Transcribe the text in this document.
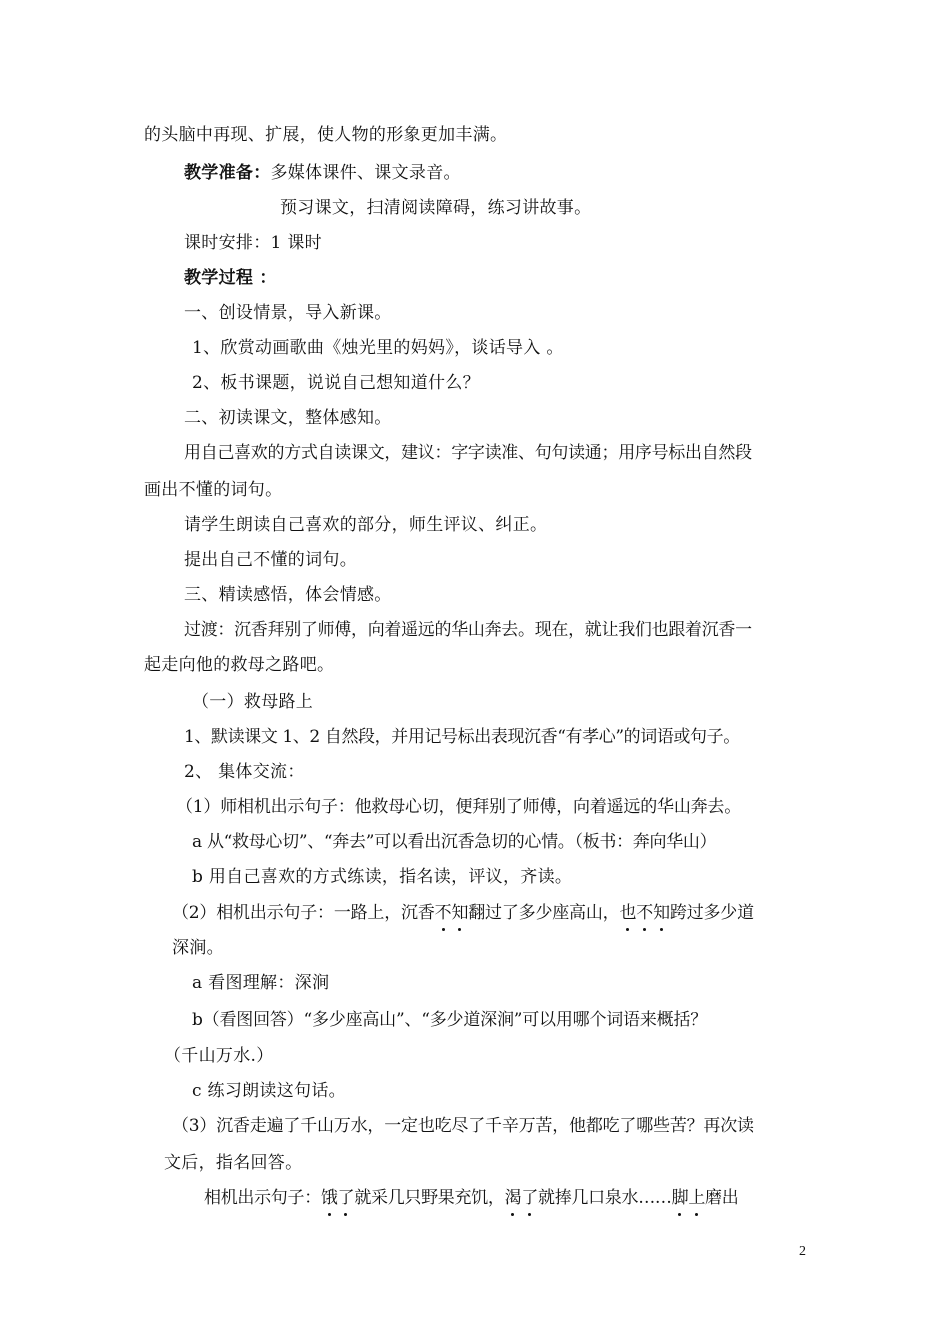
的头脑中再现、扩展，使人物的形象更加丰满。
教学准备：多媒体课件、课文录音。
预习课文，扫清阅读障碍，练习讲故事。
课时安排：1 课时
教学过程 ：
一、创设情景，导入新课。
1、欣赏动画歌曲《烛光里的妈妈》，谈话导入 。
2、板书课题，说说自己想知道什么？
二、初读课文，整体感知。
用自己喜欢的方式自读课文，建议：字字读准、句句读通；用序号标出自然段
画出不懂的词句。
请学生朗读自己喜欢的部分，师生评议、纠正。
提出自己不懂的词句。
三、精读感悟，体会情感。
过渡：沉香拜别了师傅，向着遥远的华山奔去。现在，就让我们也跟着沉香一
起走向他的救母之路吧。
（一）救母路上
1、默读课文 1、2 自然段，并用记号标出表现沉香“有孝心”的词语或句子。
2、 集体交流：
（1）师相机出示句子：他救母心切，便拜别了师傅，向着遥远的华山奔去。
a 从“救母心切”、“奔去”可以看出沉香急切的心情。（板书：奔向华山）
b 用自己喜欢的方式练读，指名读，评议，齐读。
（2）相机出示句子：一路上，沉香不知翻过了多少座高山，也不知跨过多少道
深涧。
a 看图理解：深涧
b（看图回答）“多少座高山”、“多少道深涧”可以用哪个词语来概括？
（千山万水.）
c 练习朗读这句话。
（3）沉香走遍了千山万水，一定也吃尽了千辛万苦，他都吃了哪些苦？再次读
文后，指名回答。
相机出示句子：饿了就采几只野果充饥，渴了就捧几口泉水……脚上磨出
2
